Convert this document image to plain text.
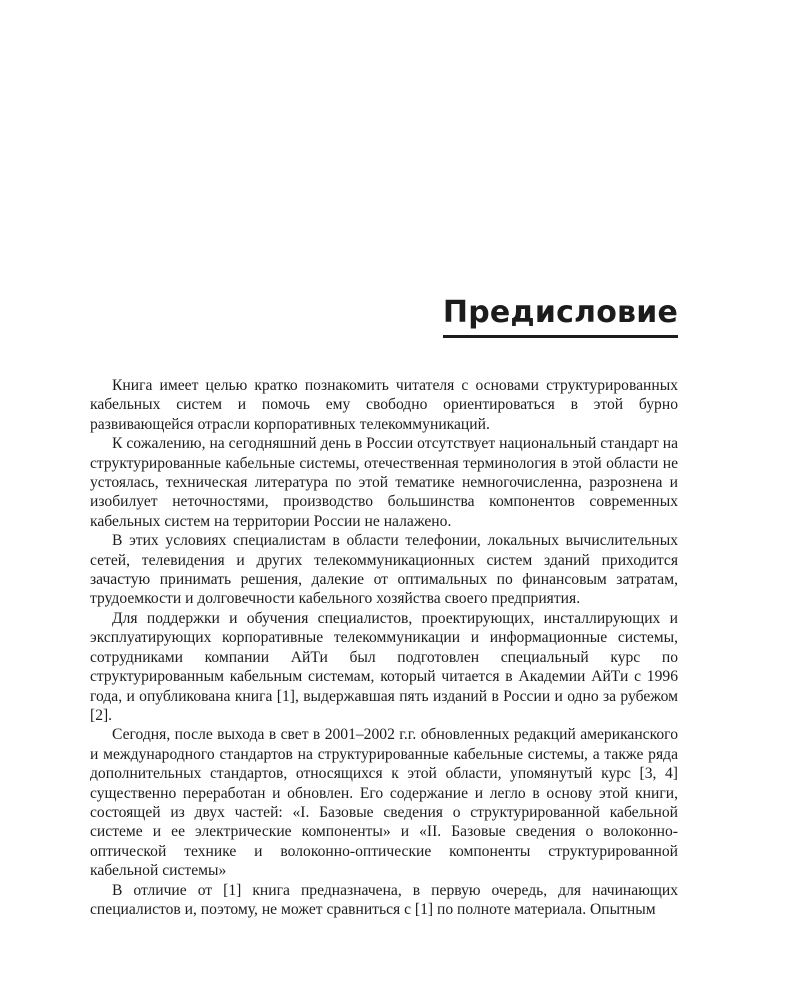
Предисловие

Книга имеет целью кратко познакомить читателя с основами структурированных кабельных систем и помочь ему свободно ориентироваться в этой бурно развивающейся отрасли корпоративных телекоммуникаций.

К сожалению, на сегодняшний день в России отсутствует национальный стандарт на структурированные кабельные системы, отечественная терминология в этой области не устоялась, техническая литература по этой тематике немногочисленна, разрознена и изобилует неточностями, производство большинства компонентов современных кабельных систем на территории России не налажено.

В этих условиях специалистам в области телефонии, локальных вычислительных сетей, телевидения и других телекоммуникационных систем зданий приходится зачастую принимать решения, далекие от оптимальных по финансовым затратам, трудоемкости и долговечности кабельного хозяйства своего предприятия.

Для поддержки и обучения специалистов, проектирующих, инсталлирующих и эксплуатирующих корпоративные телекоммуникации и информационные системы, сотрудниками компании АйТи был подготовлен специальный курс по структурированным кабельным системам, который читается в Академии АйТи с 1996 года, и опубликована книга [1], выдержавшая пять изданий в России и одно за рубежом [2].

Сегодня, после выхода в свет в 2001–2002 г.г. обновленных редакций американского и международного стандартов на структурированные кабельные системы, а также ряда дополнительных стандартов, относящихся к этой области, упомянутый курс [3, 4] существенно переработан и обновлен. Его содержание и легло в основу этой книги, состоящей из двух частей: «I. Базовые сведения о структурированной кабельной системе и ее электрические компоненты» и «II. Базовые сведения о волоконно-оптической технике и волоконно-оптические компоненты структурированной кабельной системы»

В отличие от [1] книга предназначена, в первую очередь, для начинающих специалистов и, поэтому, не может сравниться с [1] по полноте материала. Опытным
